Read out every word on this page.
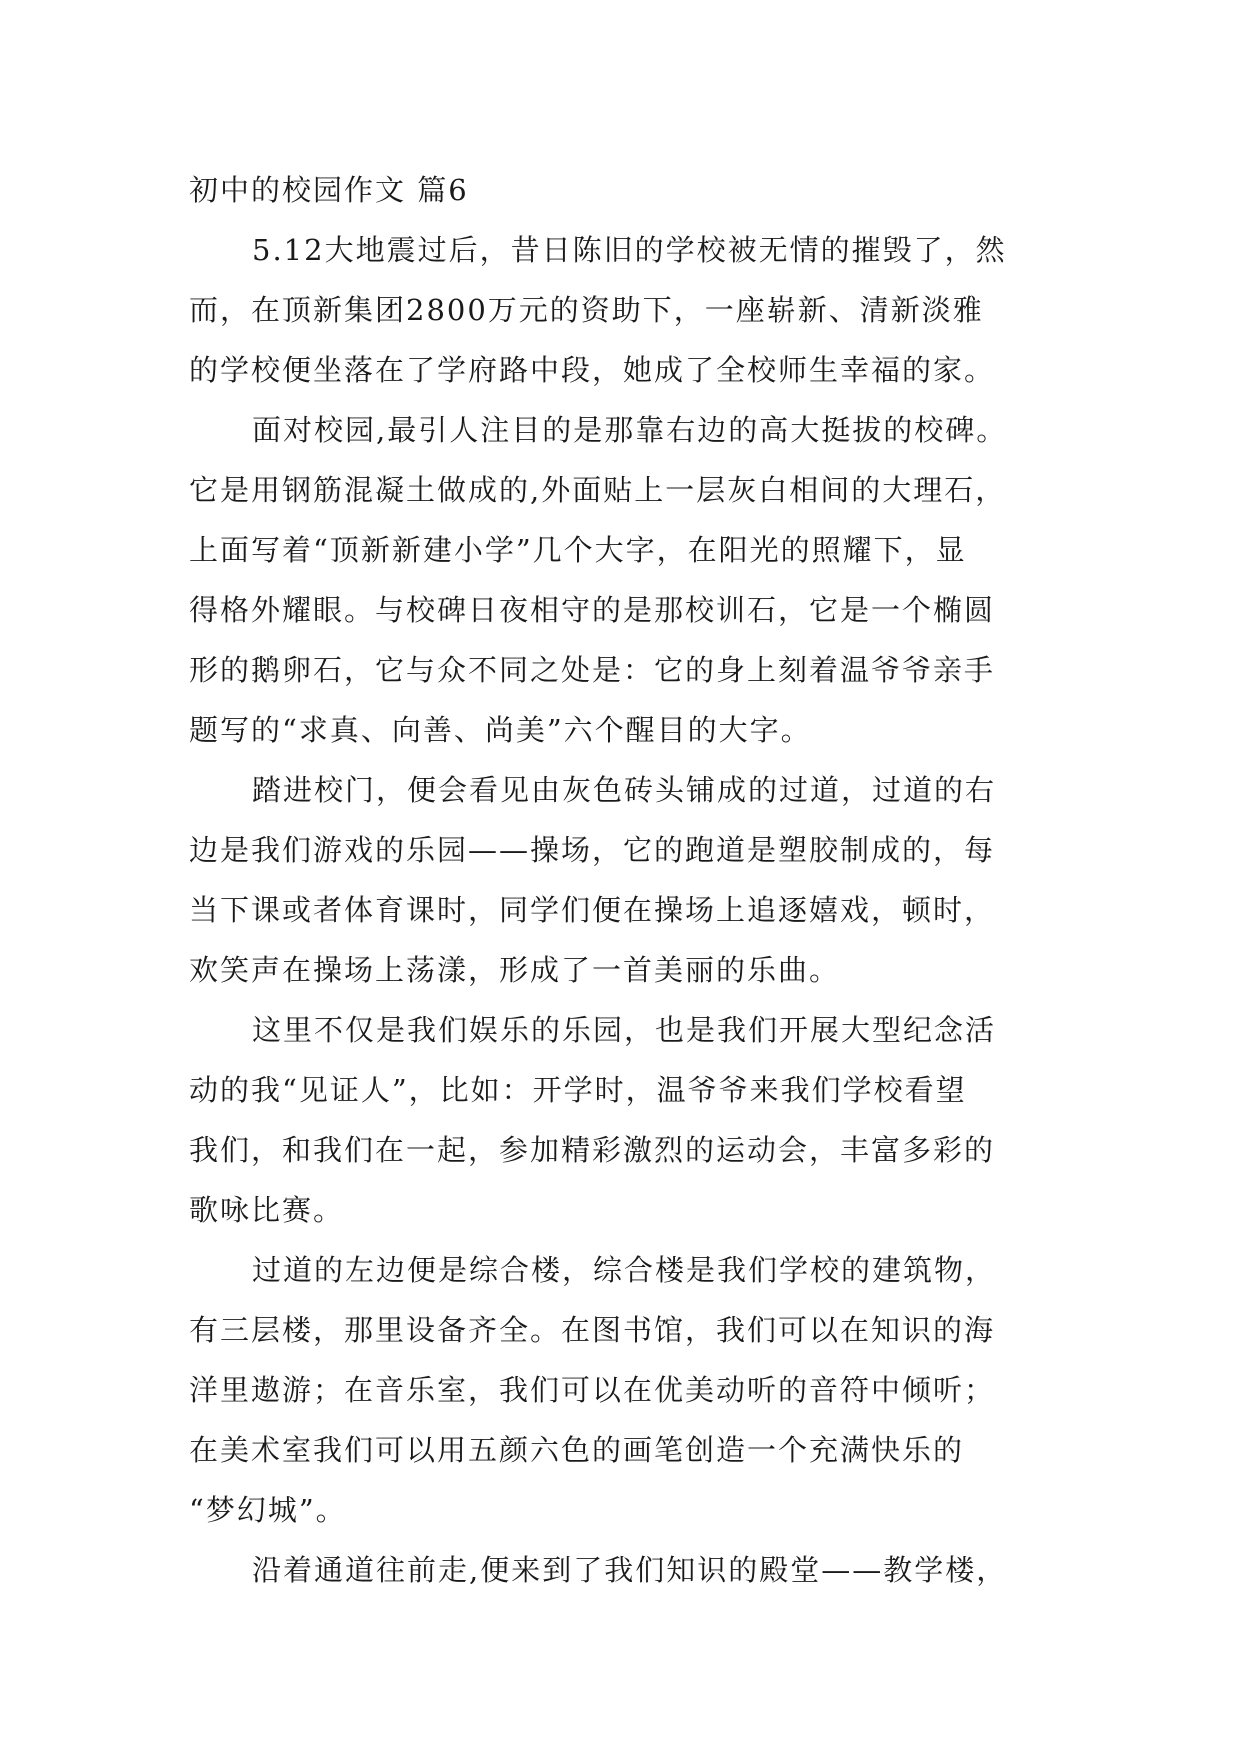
初中的校园作文 篇6

5.12大地震过后，昔日陈旧的学校被无情的摧毁了，然
而，在顶新集团2800万元的资助下，一座崭新、清新淡雅
的学校便坐落在了学府路中段，她成了全校师生幸福的家。

面对校园,最引人注目的是那靠右边的高大挺拔的校碑。
它是用钢筋混凝土做成的,外面贴上一层灰白相间的大理石，
上面写着“顶新新建小学”几个大字，在阳光的照耀下，显
得格外耀眼。与校碑日夜相守的是那校训石，它是一个椭圆
形的鹅卵石，它与众不同之处是：它的身上刻着温爷爷亲手
题写的“求真、向善、尚美”六个醒目的大字。

踏进校门，便会看见由灰色砖头铺成的过道，过道的右
边是我们游戏的乐园——操场，它的跑道是塑胶制成的，每
当下课或者体育课时，同学们便在操场上追逐嬉戏，顿时，
欢笑声在操场上荡漾，形成了一首美丽的乐曲。

这里不仅是我们娱乐的乐园，也是我们开展大型纪念活
动的我“见证人”，比如：开学时，温爷爷来我们学校看望
我们，和我们在一起，参加精彩激烈的运动会，丰富多彩的
歌咏比赛。

过道的左边便是综合楼，综合楼是我们学校的建筑物，
有三层楼，那里设备齐全。在图书馆，我们可以在知识的海
洋里遨游；在音乐室，我们可以在优美动听的音符中倾听；
在美术室我们可以用五颜六色的画笔创造一个充满快乐的
“梦幻城”。

沿着通道往前走,便来到了我们知识的殿堂——教学楼，
